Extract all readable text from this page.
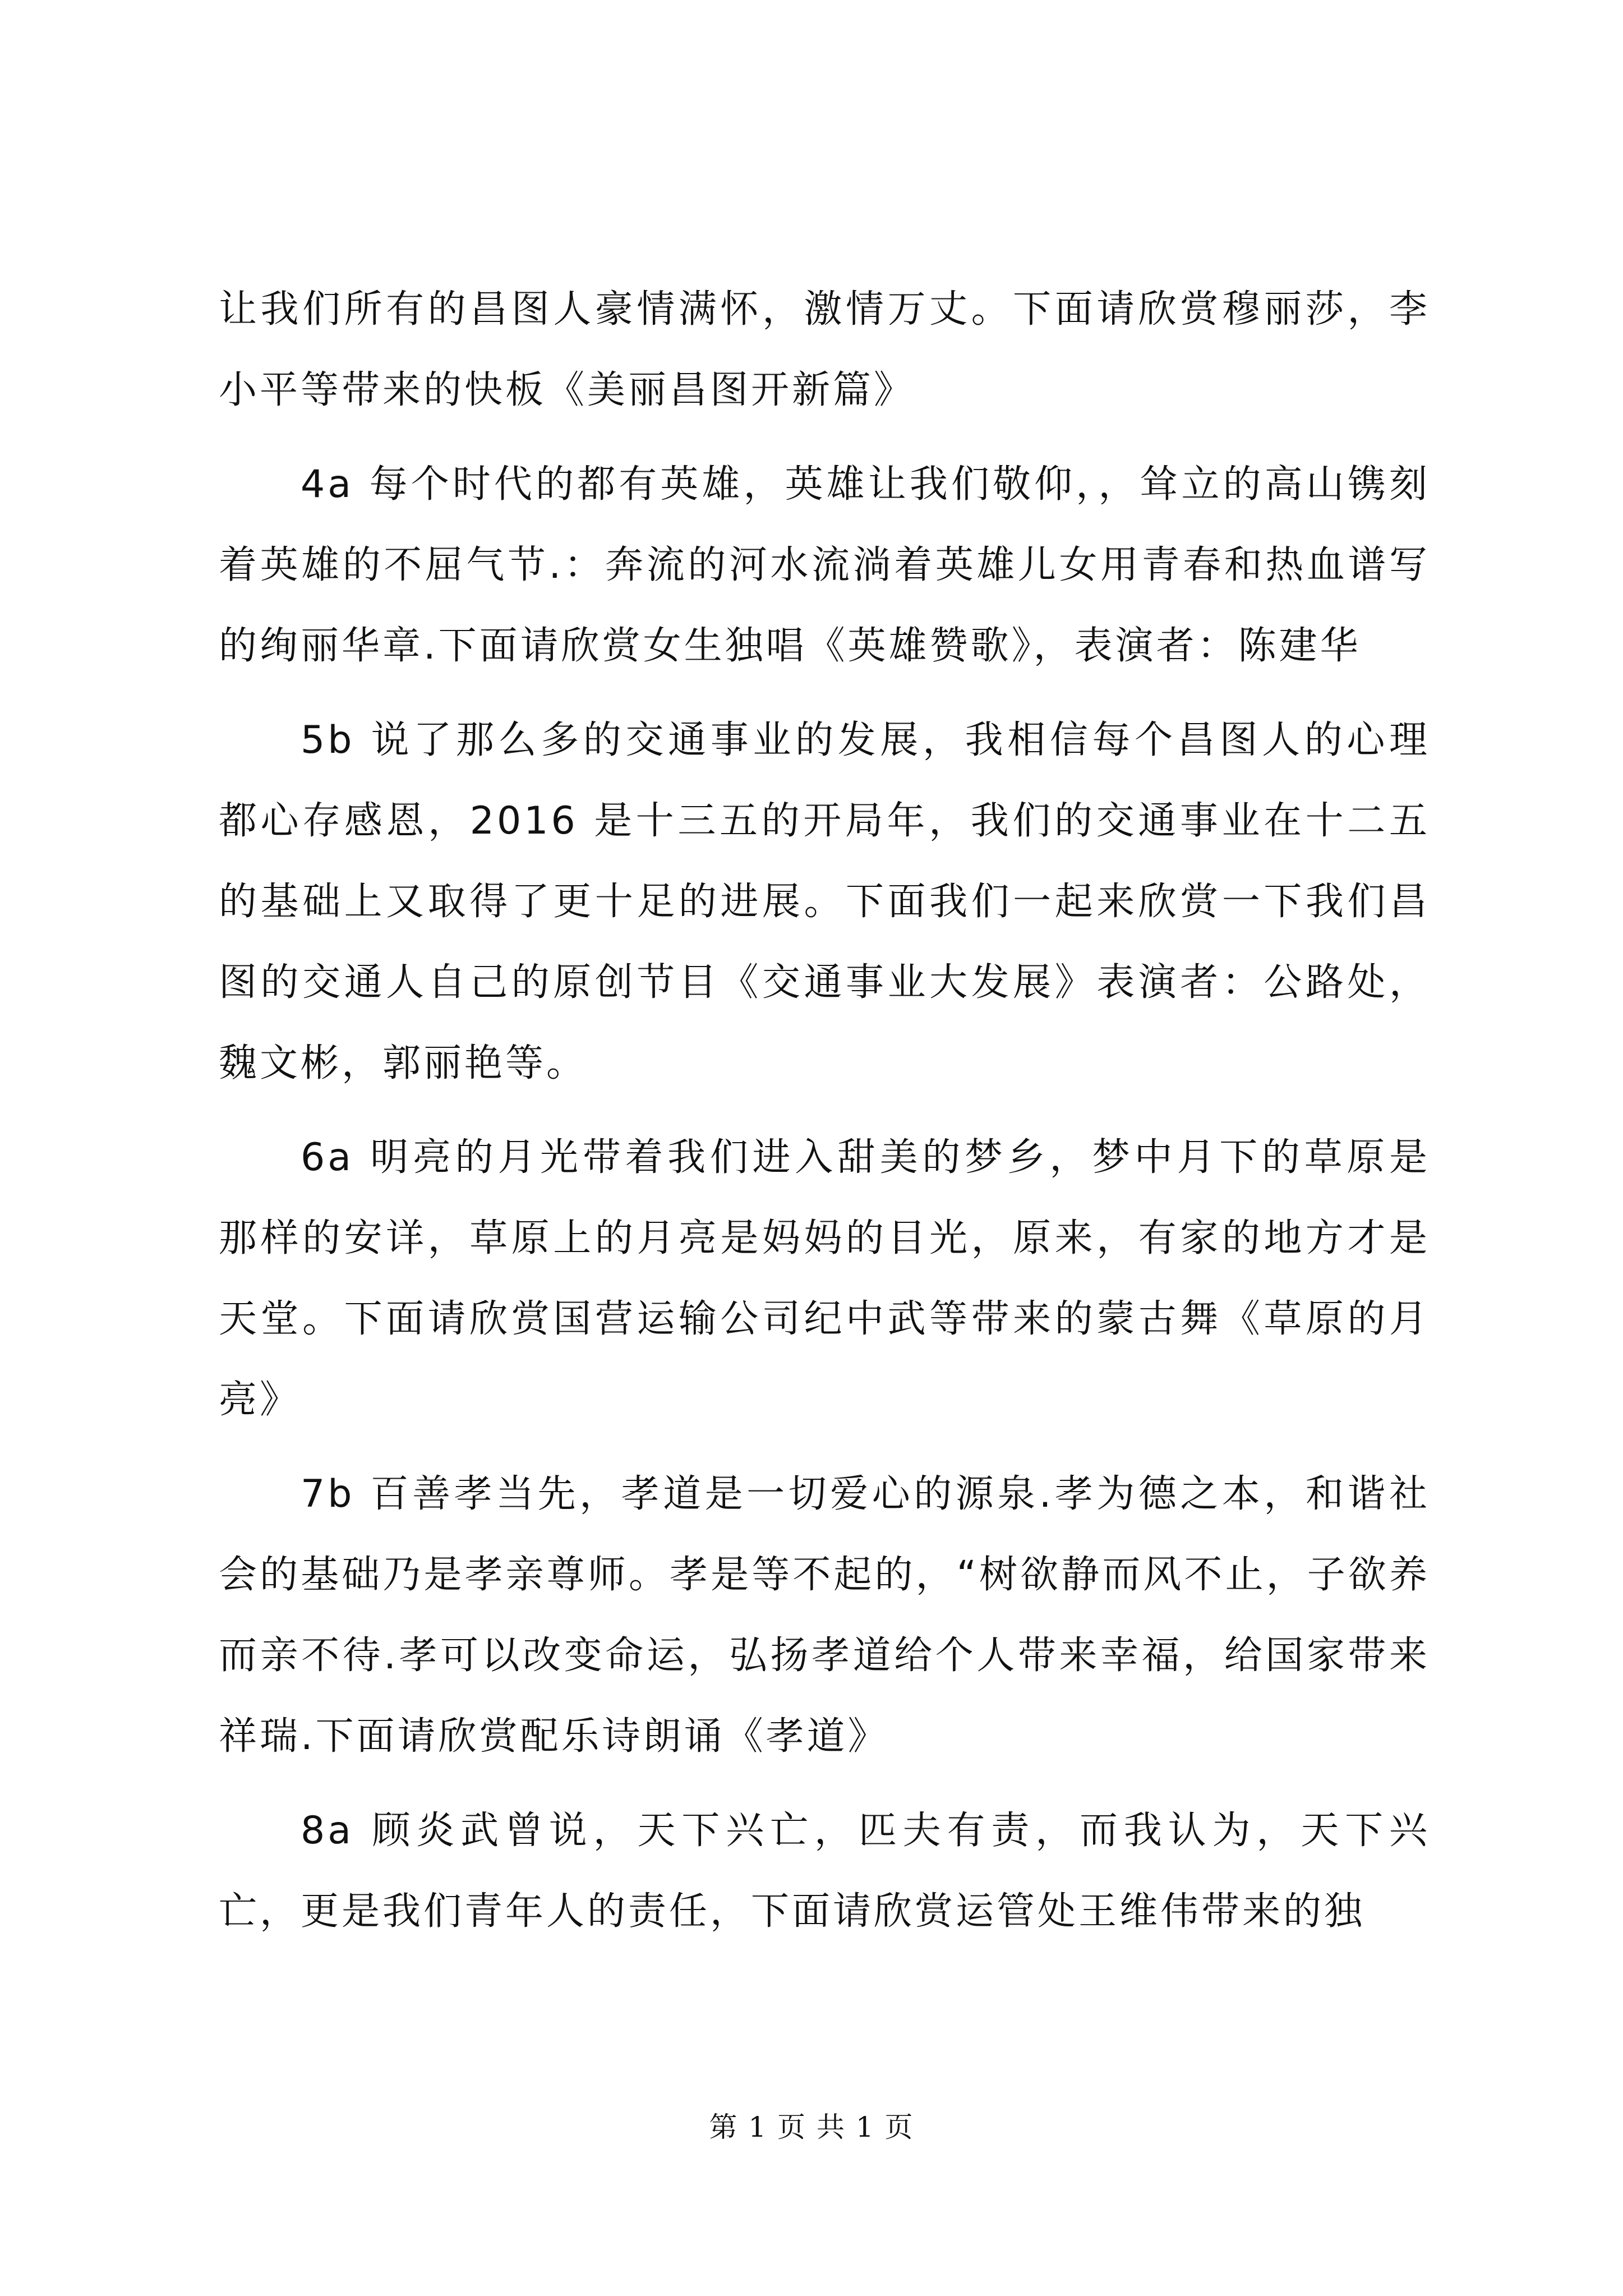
让我们所有的昌图人豪情满怀，激情万丈。下面请欣赏穆丽莎，李小平等带来的快板《美丽昌图开新篇》

4a 每个时代的都有英雄，英雄让我们敬仰，，耸立的高山镌刻着英雄的不屈气节.：奔流的河水流淌着英雄儿女用青春和热血谱写的绚丽华章.下面请欣赏女生独唱《英雄赞歌》，表演者：陈建华

5b 说了那么多的交通事业的发展，我相信每个昌图人的心理都心存感恩，2016 是十三五的开局年，我们的交通事业在十二五的基础上又取得了更十足的进展。下面我们一起来欣赏一下我们昌图的交通人自己的原创节目《交通事业大发展》表演者：公路处，魏文彬，郭丽艳等。

6a 明亮的月光带着我们进入甜美的梦乡，梦中月下的草原是那样的安详，草原上的月亮是妈妈的目光，原来，有家的地方才是天堂。下面请欣赏国营运输公司纪中武等带来的蒙古舞《草原的月亮》

7b 百善孝当先，孝道是一切爱心的源泉.孝为德之本，和谐社会的基础乃是孝亲尊师。孝是等不起的，“树欲静而风不止，子欲养而亲不待.孝可以改变命运，弘扬孝道给个人带来幸福，给国家带来祥瑞.下面请欣赏配乐诗朗诵《孝道》

8a 顾炎武曾说，天下兴亡，匹夫有责，而我认为，天下兴亡，更是我们青年人的责任，下面请欣赏运管处王维伟带来的独

第 1 页 共 1 页
